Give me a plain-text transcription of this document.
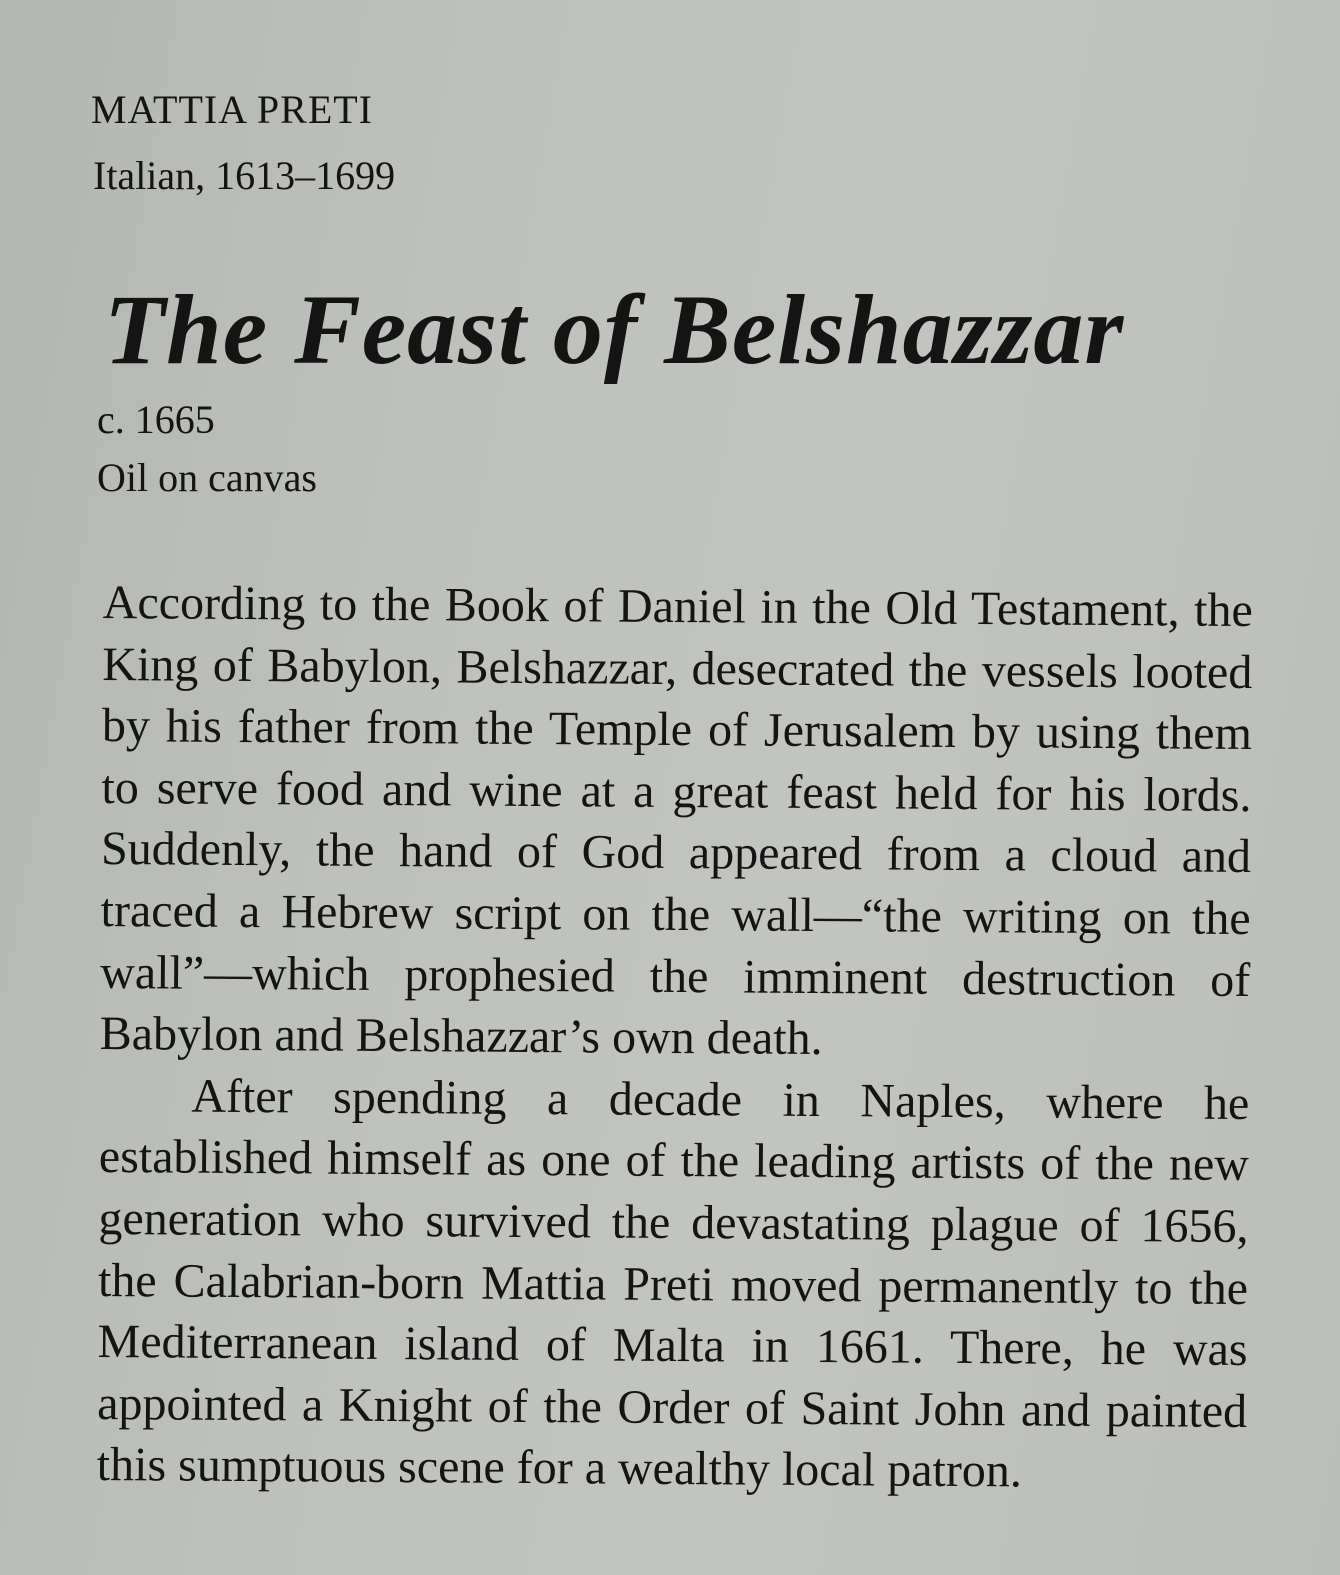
MATTIA PRETI
Italian, 1613–1699
The Feast of Belshazzar
c. 1665
Oil on canvas

According to the Book of Daniel in the Old Testament, the King of Babylon, Belshazzar, desecrated the vessels looted by his father from the Temple of Jerusalem by using them to serve food and wine at a great feast held for his lords. Suddenly, the hand of God appeared from a cloud and traced a Hebrew script on the wall—“the writing on the wall”—which prophesied the imminent destruction of Babylon and Belshazzar’s own death.

After spending a decade in Naples, where he established himself as one of the leading artists of the new generation who survived the devastating plague of 1656, the Calabrian-born Mattia Preti moved permanently to the Mediterranean island of Malta in 1661. There, he was appointed a Knight of the Order of Saint John and painted this sumptuous scene for a wealthy local patron.
